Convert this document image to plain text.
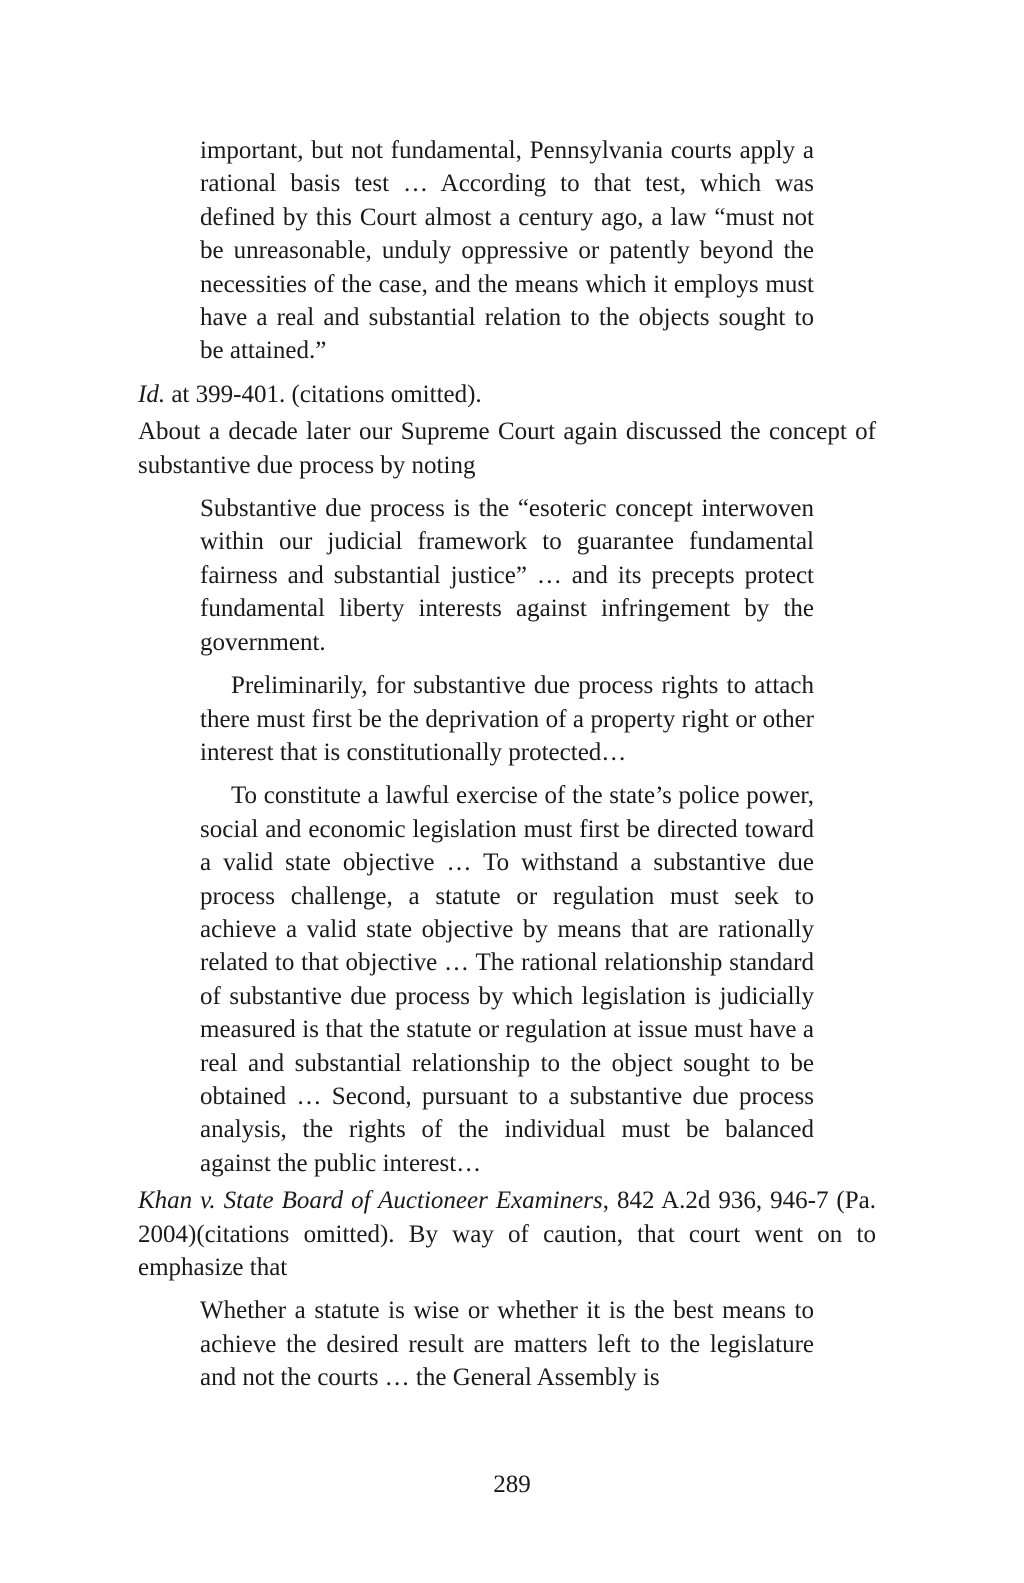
important, but not fundamental, Pennsylvania courts apply a rational basis test … According to that test, which was defined by this Court almost a century ago, a law “must not be unreasonable, unduly oppressive or patently beyond the necessities of the case, and the means which it employs must have a real and substantial relation to the objects sought to be attained.”

Id. at 399-401. (citations omitted).

About a decade later our Supreme Court again discussed the concept of substantive due process by noting

Substantive due process is the “esoteric concept interwoven within our judicial framework to guarantee fundamental fairness and substantial justice” … and its precepts protect fundamental liberty interests against infringement by the government.

Preliminarily, for substantive due process rights to attach there must first be the deprivation of a property right or other interest that is constitutionally protected…

To constitute a lawful exercise of the state’s police power, social and economic legislation must first be directed toward a valid state objective … To withstand a substantive due process challenge, a statute or regulation must seek to achieve a valid state objective by means that are rationally related to that objective … The rational relationship standard of substantive due process by which legislation is judicially measured is that the statute or regulation at issue must have a real and substantial relationship to the object sought to be obtained … Second, pursuant to a substantive due process analysis, the rights of the individual must be balanced against the public interest…

Khan v. State Board of Auctioneer Examiners, 842 A.2d 936, 946-7 (Pa. 2004)(citations omitted). By way of caution, that court went on to emphasize that

Whether a statute is wise or whether it is the best means to achieve the desired result are matters left to the legislature and not the courts … the General Assembly is

289
